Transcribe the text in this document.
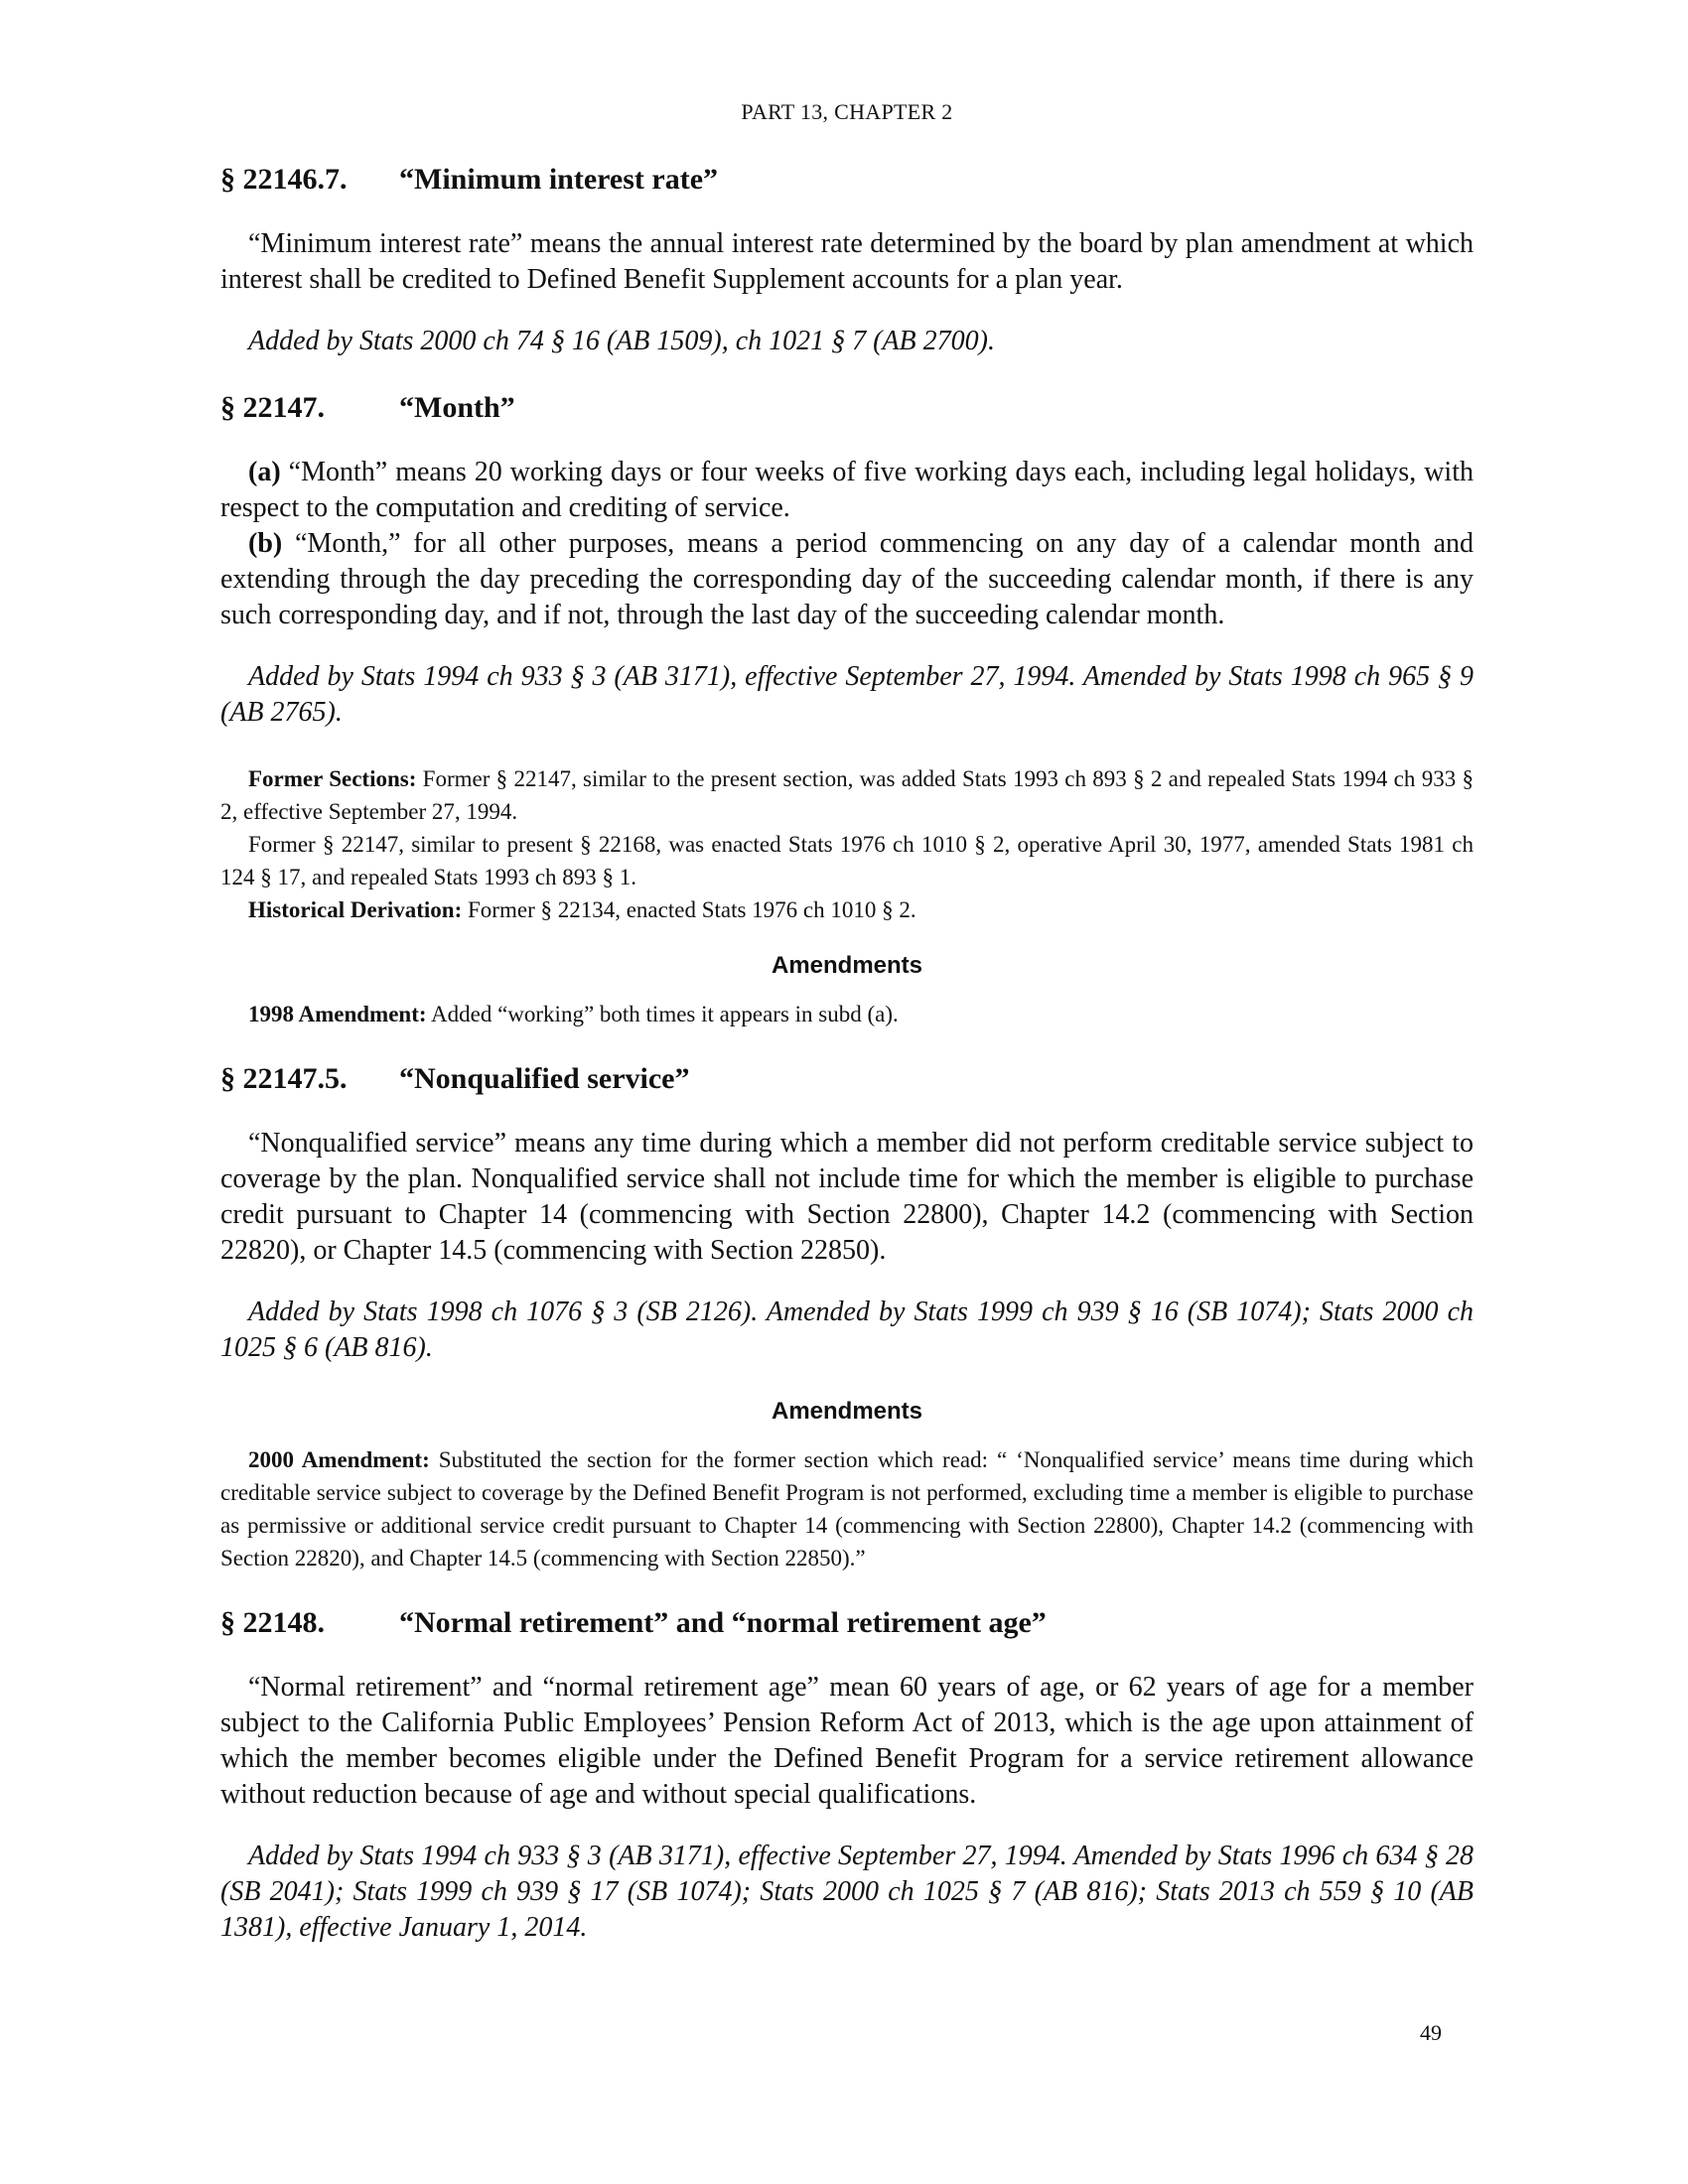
PART 13, CHAPTER 2
§ 22146.7.	“Minimum interest rate”

“Minimum interest rate” means the annual interest rate determined by the board by plan amendment at which interest shall be credited to Defined Benefit Supplement accounts for a plan year.

Added by Stats 2000 ch 74 § 16 (AB 1509), ch 1021 § 7 (AB 2700).

§ 22147.	“Month”

(a) “Month” means 20 working days or four weeks of five working days each, including legal holidays, with respect to the computation and crediting of service.

(b) “Month,” for all other purposes, means a period commencing on any day of a calendar month and extending through the day preceding the corresponding day of the succeeding calendar month, if there is any such corresponding day, and if not, through the last day of the succeeding calendar month.

Added by Stats 1994 ch 933 § 3 (AB 3171), effective September 27, 1994. Amended by Stats 1998 ch 965 § 9 (AB 2765).

Former Sections: Former § 22147, similar to the present section, was added Stats 1993 ch 893 § 2 and repealed Stats 1994 ch 933 § 2, effective September 27, 1994.

Former § 22147, similar to present § 22168, was enacted Stats 1976 ch 1010 § 2, operative April 30, 1977, amended Stats 1981 ch 124 § 17, and repealed Stats 1993 ch 893 § 1.

Historical Derivation: Former § 22134, enacted Stats 1976 ch 1010 § 2.

Amendments

1998 Amendment: Added “working” both times it appears in subd (a).

§ 22147.5.	“Nonqualified service”

“Nonqualified service” means any time during which a member did not perform creditable service subject to coverage by the plan. Nonqualified service shall not include time for which the member is eligible to purchase credit pursuant to Chapter 14 (commencing with Section 22800), Chapter 14.2 (commencing with Section 22820), or Chapter 14.5 (commencing with Section 22850).

Added by Stats 1998 ch 1076 § 3 (SB 2126). Amended by Stats 1999 ch 939 § 16 (SB 1074); Stats 2000 ch 1025 § 6 (AB 816).

Amendments

2000 Amendment: Substituted the section for the former section which read: “ ‘Nonqualified service’ means time during which creditable service subject to coverage by the Defined Benefit Program is not performed, excluding time a member is eligible to purchase as permissive or additional service credit pursuant to Chapter 14 (commencing with Section 22800), Chapter 14.2 (commencing with Section 22820), and Chapter 14.5 (commencing with Section 22850).”

§ 22148.	“Normal retirement” and “normal retirement age”

“Normal retirement” and “normal retirement age” mean 60 years of age, or 62 years of age for a member subject to the California Public Employees’ Pension Reform Act of 2013, which is the age upon attainment of which the member becomes eligible under the Defined Benefit Program for a service retirement allowance without reduction because of age and without special qualifications.

Added by Stats 1994 ch 933 § 3 (AB 3171), effective September 27, 1994. Amended by Stats 1996 ch 634 § 28 (SB 2041); Stats 1999 ch 939 § 17 (SB 1074); Stats 2000 ch 1025 § 7 (AB 816); Stats 2013 ch 559 § 10 (AB 1381), effective January 1, 2014.

49
